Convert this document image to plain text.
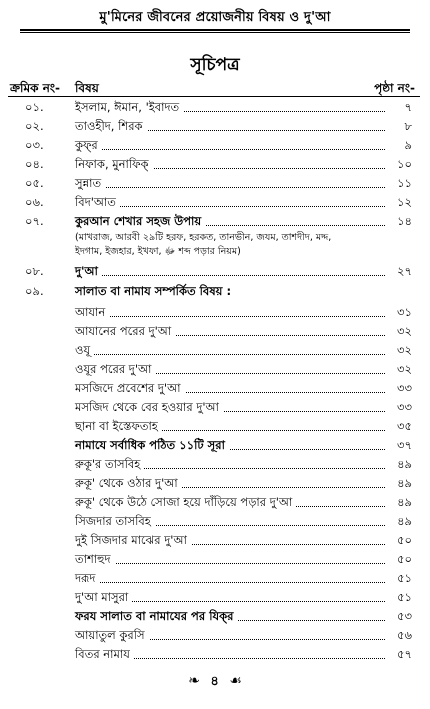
মু'মিনের জীবনের প্রয়োজনীয় বিষয় ও দু'আ
সূচিপত্র
ক্রমিক নং- বিষয়	পৃষ্ঠা নং-
০১.	ইসলাম, ঈমান, 'ইবাদত	৭
০২.	তাওহীদ, শিরক	৮
০৩.	কুফ্‌র	৯
০৪.	নিফাক, মুনাফিক্‌	১০
০৫.	সুন্নাত	১১
০৬.	বিদ'আত	১২
০৭.	কুরআন শেখার সহজ উপায়	১৪
(মাখরাজ, আরবী ২৯টি হরফ, হরকত, তানভীন, জযম, তাশদীদ, মদ্দ,
ইদগাম, ইজহার, ইখফা, ﷻ শব্দ পড়ার নিয়ম)
০৮.	দু'আ	২৭
০৯.	সালাত বা নামায সম্পর্কিত বিষয় :
আযান	৩১
আযানের পরের দু'আ	৩২
ওযূ	৩২
ওযূর পরের দু'আ	৩২
মসজিদে প্রবেশের দু'আ	৩৩
মসজিদ থেকে বের হওয়ার দু'আ	৩৩
ছানা বা ইস্তেফতাহ	৩৫
নামাযে সর্বাধিক পঠিত ১১টি সূরা	৩৭
রুকূ'র তাসবিহ	৪৯
রুকূ' থেকে ওঠার দু'আ	৪৯
রুকূ' থেকে উঠে সোজা হয়ে দাঁড়িয়ে পড়ার দু'আ	৪৯
সিজদার তাসবিহ	৪৯
দুই সিজদার মাঝের দু'আ	৫০
তাশাহুদ	৫০
দরূদ	৫১
দু'আ মাসুরা	৫১
ফরয সালাত বা নামাযের পর যিক্‌র	৫৩
আয়াতুল কুরসি	৫৬
বিতর নামায	৫৭
❧ ৪ ☙
